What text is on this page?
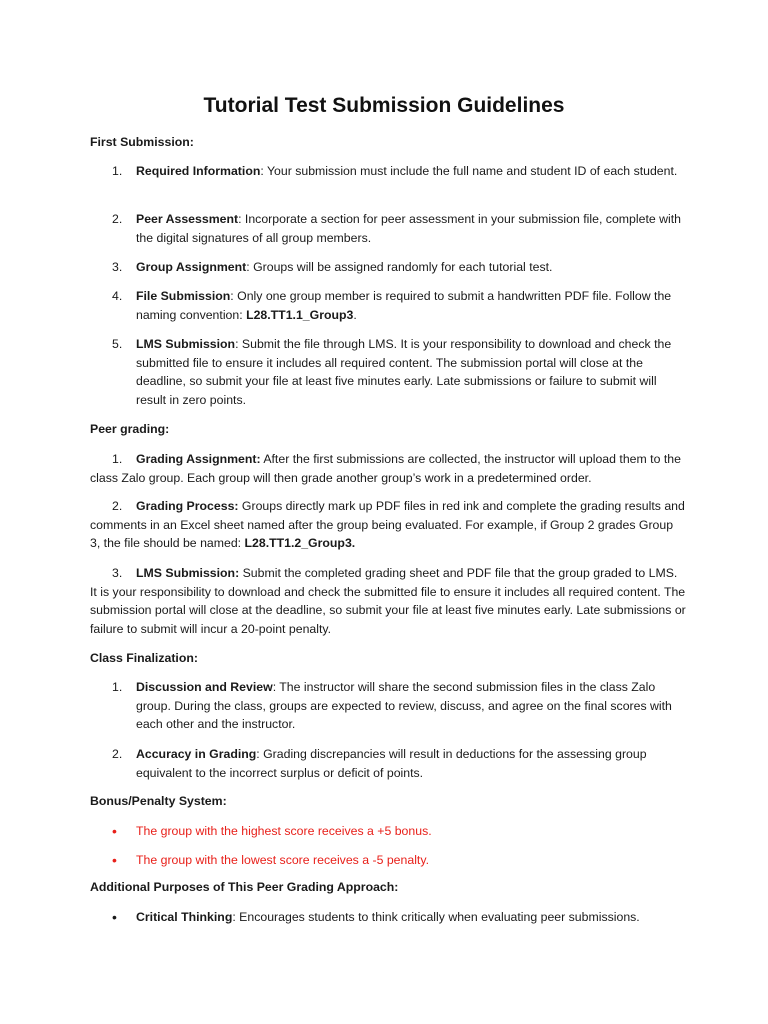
Tutorial Test Submission Guidelines

First Submission:

1. Required Information: Your submission must include the full name and student ID of each student.
2. Peer Assessment: Incorporate a section for peer assessment in your submission file, complete with the digital signatures of all group members.
3. Group Assignment: Groups will be assigned randomly for each tutorial test.
4. File Submission: Only one group member is required to submit a handwritten PDF file. Follow the naming convention: L28.TT1.1_Group3.
5. LMS Submission: Submit the file through LMS. It is your responsibility to download and check the submitted file to ensure it includes all required content. The submission portal will close at the deadline, so submit your file at least five minutes early. Late submissions or failure to submit will result in zero points.

Peer grading:

1. Grading Assignment: After the first submissions are collected, the instructor will upload them to the class Zalo group. Each group will then grade another group’s work in a predetermined order.
2. Grading Process: Groups directly mark up PDF files in red ink and complete the grading results and comments in an Excel sheet named after the group being evaluated. For example, if Group 2 grades Group 3, the file should be named: L28.TT1.2_Group3.
3. LMS Submission: Submit the completed grading sheet and PDF file that the group graded to LMS. It is your responsibility to download and check the submitted file to ensure it includes all required content. The submission portal will close at the deadline, so submit your file at least five minutes early. Late submissions or failure to submit will incur a 20-point penalty.

Class Finalization:

1. Discussion and Review: The instructor will share the second submission files in the class Zalo group. During the class, groups are expected to review, discuss, and agree on the final scores with each other and the instructor.
2. Accuracy in Grading: Grading discrepancies will result in deductions for the assessing group equivalent to the incorrect surplus or deficit of points.

Bonus/Penalty System:

• The group with the highest score receives a +5 bonus.
• The group with the lowest score receives a -5 penalty.

Additional Purposes of This Peer Grading Approach:

• Critical Thinking: Encourages students to think critically when evaluating peer submissions.
